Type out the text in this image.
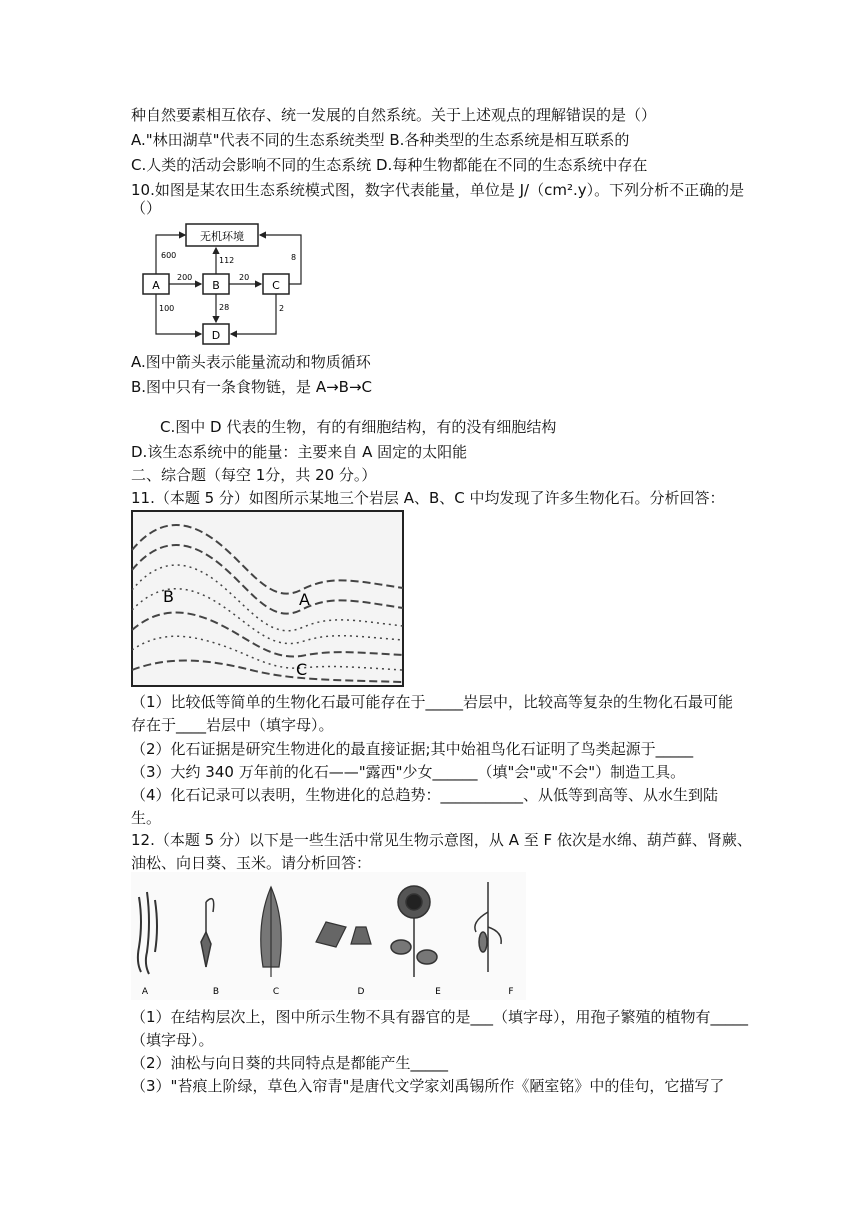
种自然要素相互依存、统一发展的自然系统。关于上述观点的理解错误的是（）
A."林田湖草"代表不同的生态系统类型 B.各种类型的生态系统是相互联系的
C.人类的活动会影响不同的生态系统 D.每种生物都能在不同的生态系统中存在
10.如图是某农田生态系统模式图，数字代表能量，单位是 J/（cm².y）。下列分析不正确的是
（）
无机环境
A	B	C
D
600
112	8
200	20
100	28	2
A.图中箭头表示能量流动和物质循环
B.图中只有一条食物链，是 A→B→C
C.图中 D 代表的生物，有的有细胞结构，有的没有细胞结构
D.该生态系统中的能量：主要来自 A 固定的太阳能
二、综合题（每空 1分，共 20 分。）
11.（本题 5 分）如图所示某地三个岩层 A、B、C 中均发现了许多生物化石。分析回答：
A
B
C
（1）比较低等简单的生物化石最可能存在于_____岩层中，比较高等复杂的生物化石最可能
存在于____岩层中（填字母）。
（2）化石证据是研究生物进化的最直接证据;其中始祖鸟化石证明了鸟类起源于_____
（3）大约 340 万年前的化石——"露西"少女______（填"会"或"不会"）制造工具。
（4）化石记录可以表明，生物进化的总趋势：___________、从低等到高等、从水生到陆
生。
12.（本题 5 分）以下是一些生活中常见生物示意图，从 A 至 F 依次是水绵、葫芦藓、肾蕨、
油松、向日葵、玉米。请分析回答：
A	B	C	D	E	F
（1）在结构层次上，图中所示生物不具有器官的是___（填字母），用孢子繁殖的植物有_____
（填字母）。
（2）油松与向日葵的共同特点是都能产生_____
（3）"苔痕上阶绿，草色入帘青"是唐代文学家刘禹锡所作《陋室铭》中的佳句，它描写了
